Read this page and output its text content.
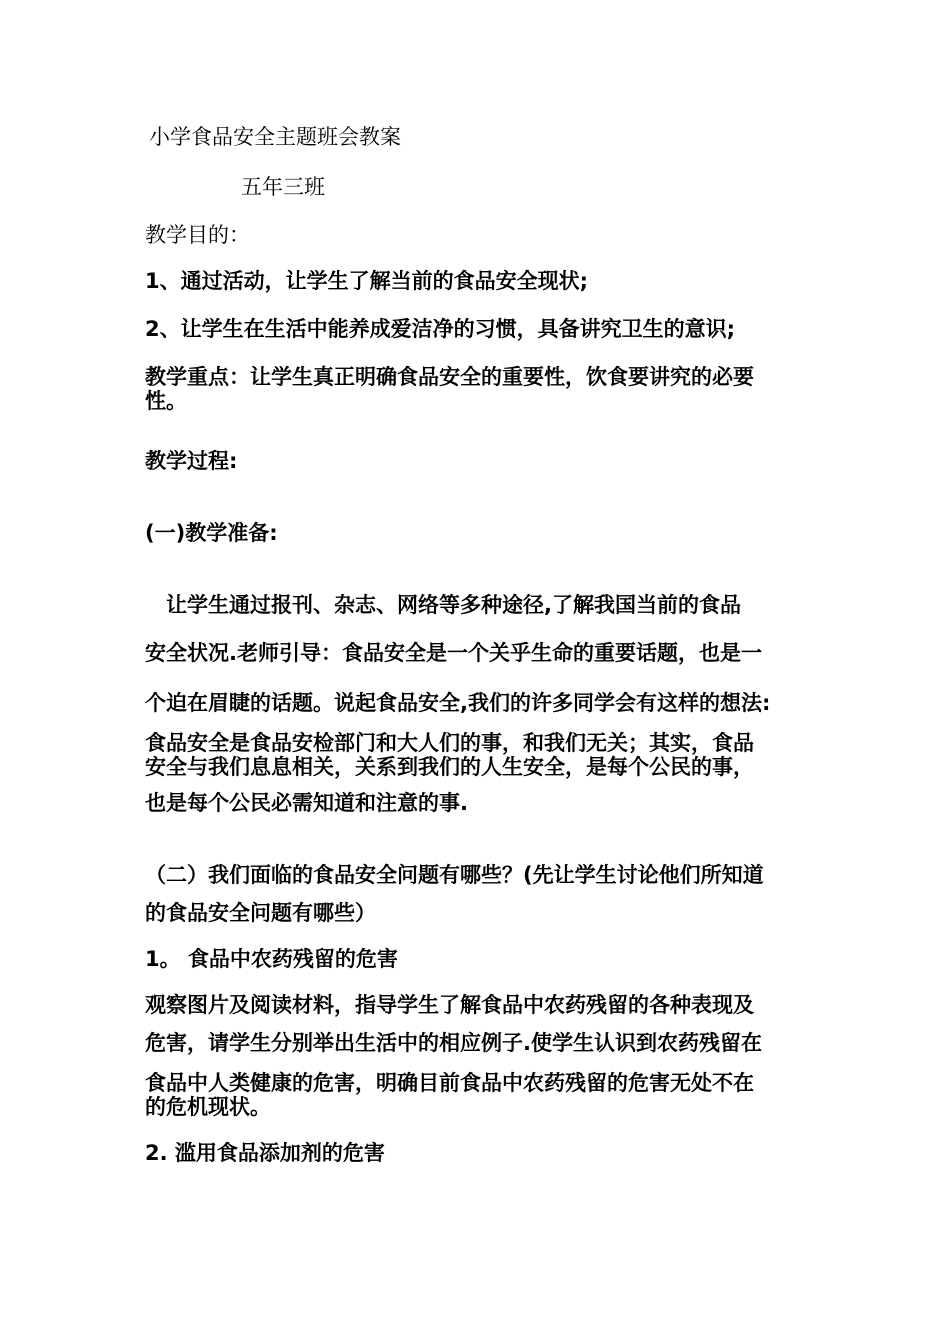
小学食品安全主题班会教案
五年三班
教学目的：
1、通过活动，让学生了解当前的食品安全现状;
2、让学生在生活中能养成爱洁净的习惯，具备讲究卫生的意识;
教学重点：让学生真正明确食品安全的重要性，饮食要讲究的必要
性。
教学过程:
(一)教学准备:
　让学生通过报刊、杂志、网络等多种途径,了解我国当前的食品
安全状况.老师引导：食品安全是一个关乎生命的重要话题，也是一
个迫在眉睫的话题。说起食品安全,我们的许多同学会有这样的想法:
食品安全是食品安检部门和大人们的事，和我们无关；其实，食品
安全与我们息息相关，关系到我们的人生安全，是每个公民的事，
也是每个公民必需知道和注意的事.
（二）我们面临的食品安全问题有哪些？(先让学生讨论他们所知道
的食品安全问题有哪些）
1。 食品中农药残留的危害
观察图片及阅读材料，指导学生了解食品中农药残留的各种表现及
危害，请学生分别举出生活中的相应例子.使学生认识到农药残留在
食品中人类健康的危害，明确目前食品中农药残留的危害无处不在
的危机现状。
2. 滥用食品添加剂的危害
